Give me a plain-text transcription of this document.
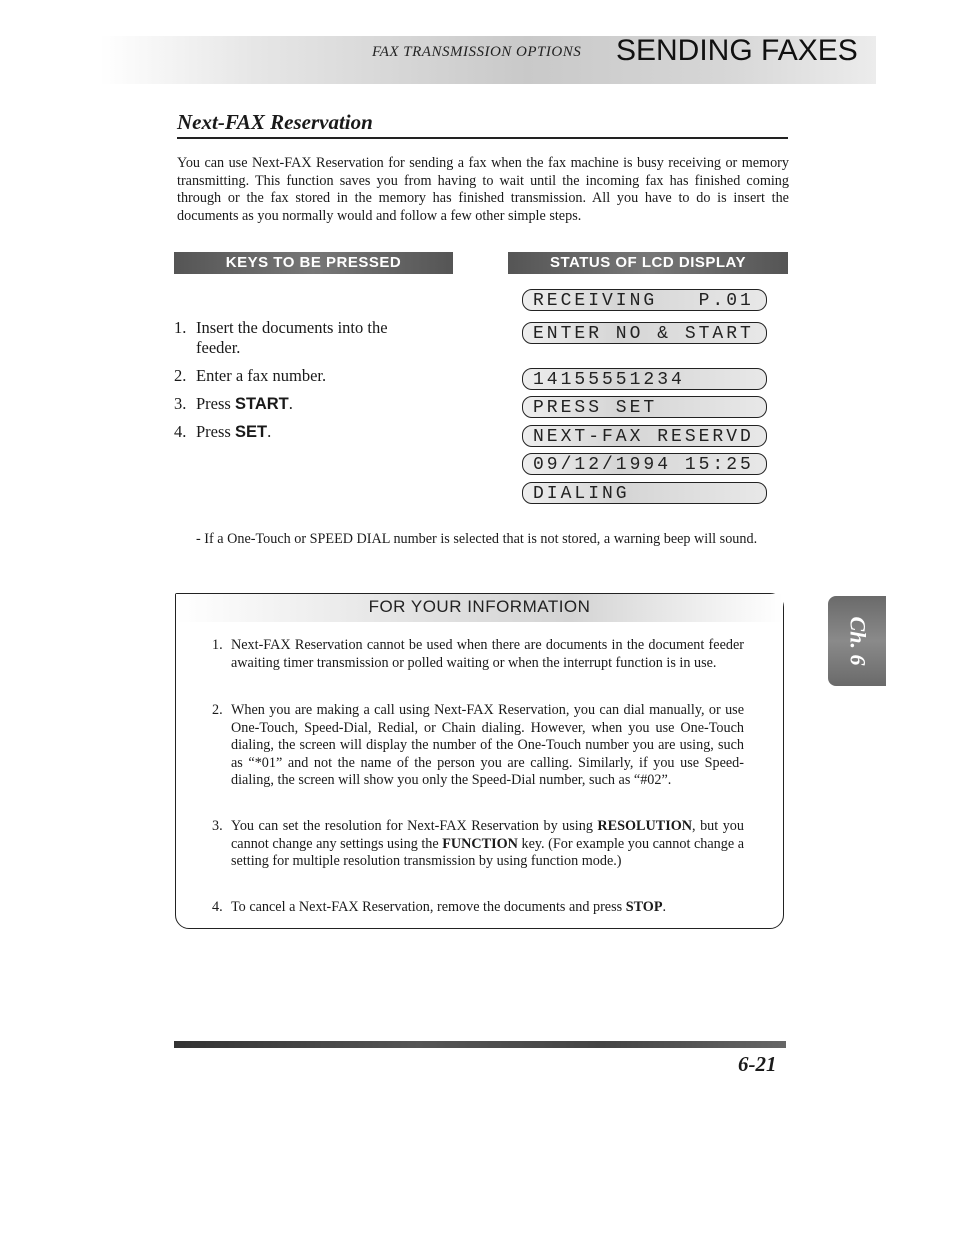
FAX TRANSMISSION OPTIONS SENDING FAXES
Next-FAX Reservation
You can use Next-FAX Reservation for sending a fax when the fax machine is busy receiving or memory transmitting. This function saves you from having to wait until the incoming fax has finished coming through or the fax stored in the memory has finished transmission. All you have to do is insert the documents as you normally would and follow a few other simple steps.
KEYS TO BE PRESSED	STATUS OF LCD DISPLAY
1. Insert the documents into the
feeder.
2. Enter a fax number.
3. Press START.
4. Press SET.
RECEIVING   P.01
ENTER NO & START
14155551234
PRESS SET
NEXT-FAX RESERVD
09/12/1994 15:25
DIALING
- If a One-Touch or SPEED DIAL number is selected that is not stored, a warning beep will sound.
FOR YOUR INFORMATION
1. Next-FAX Reservation cannot be used when there are documents in the document feeder awaiting timer transmission or polled waiting or when the interrupt function is in use.
2. When you are making a call using Next-FAX Reservation, you can dial manually, or use One-Touch, Speed-Dial, Redial, or Chain dialing. However, when you use One-Touch dialing, the screen will display the number of the One-Touch number you are using, such as “*01” and not the name of the person you are calling. Similarly, if you use Speed- dialing, the screen will show you only the Speed-Dial number, such as “#02”.
3. You can set the resolution for Next-FAX Reservation by using RESOLUTION, but you cannot change any settings using the FUNCTION key. (For example you cannot change a setting for multiple resolution transmission by using function mode.)
4. To cancel a Next-FAX Reservation, remove the documents and press STOP.
Ch. 6
6-21
